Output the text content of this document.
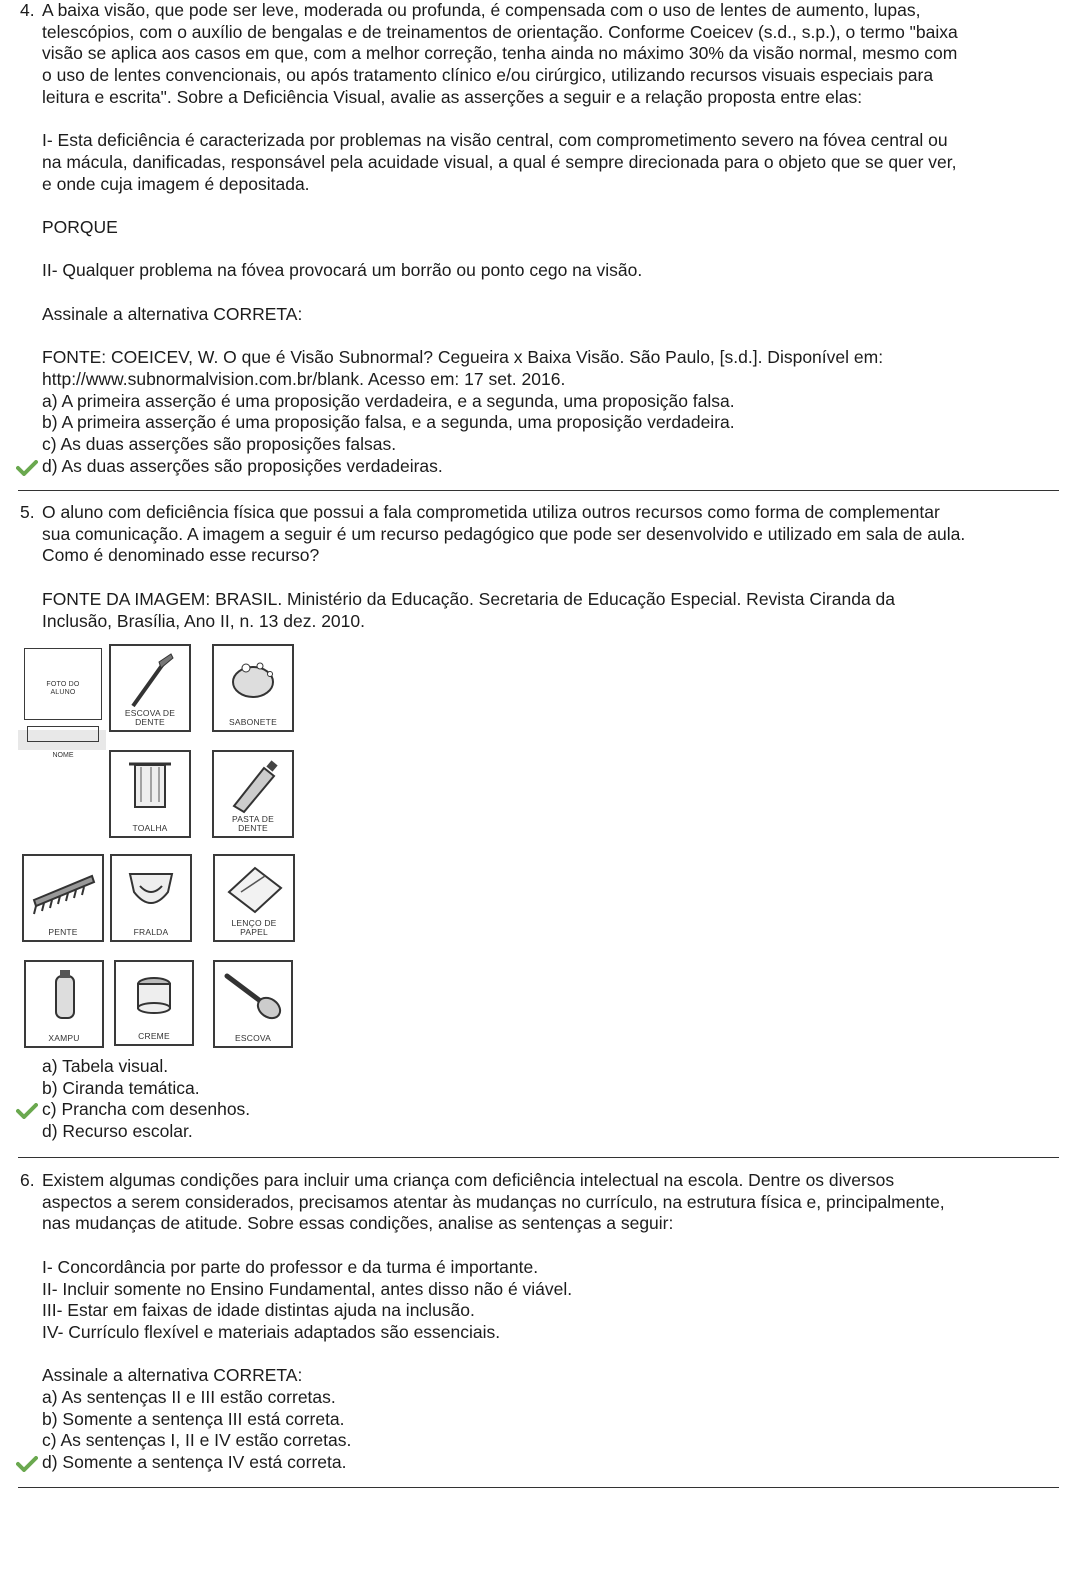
4. A baixa visão, que pode ser leve, moderada ou profunda, é compensada com o uso de lentes de aumento, lupas,
telescópios, com o auxílio de bengalas e de treinamentos de orientação. Conforme Coeicev (s.d., s.p.), o termo "baixa
visão se aplica aos casos em que, com a melhor correção, tenha ainda no máximo 30% da visão normal, mesmo com
o uso de lentes convencionais, ou após tratamento clínico e/ou cirúrgico, utilizando recursos visuais especiais para
leitura e escrita". Sobre a Deficiência Visual, avalie as asserções a seguir e a relação proposta entre elas:
I- Esta deficiência é caracterizada por problemas na visão central, com comprometimento severo na fóvea central ou
na mácula, danificadas, responsável pela acuidade visual, a qual é sempre direcionada para o objeto que se quer ver,
e onde cuja imagem é depositada.
PORQUE
II- Qualquer problema na fóvea provocará um borrão ou ponto cego na visão.
Assinale a alternativa CORRETA:
FONTE: COEICEV, W. O que é Visão Subnormal? Cegueira x Baixa Visão. São Paulo, [s.d.]. Disponível em:
http://www.subnormalvision.com.br/blank. Acesso em: 17 set. 2016.
a) A primeira asserção é uma proposição verdadeira, e a segunda, uma proposição falsa.
b) A primeira asserção é uma proposição falsa, e a segunda, uma proposição verdadeira.
c) As duas asserções são proposições falsas.
d) As duas asserções são proposições verdadeiras.
5. O aluno com deficiência física que possui a fala comprometida utiliza outros recursos como forma de complementar
sua comunicação. A imagem a seguir é um recurso pedagógico que pode ser desenvolvido e utilizado em sala de aula.
Como é denominado esse recurso?
FONTE DA IMAGEM: BRASIL. Ministério da Educação. Secretaria de Educação Especial. Revista Ciranda da
Inclusão, Brasília, Ano II, n. 13 dez. 2010.
FOTO DO
ALUNO
NOME
ESCOVA DE
DENTE	SABONETE
TOALHA
PASTA DE
DENTE
PENTE	FRALDA
LENÇO DE
PAPEL
XAMPU	CREME	ESCOVA
a) Tabela visual.
b) Ciranda temática.
c) Prancha com desenhos.
d) Recurso escolar.
6. Existem algumas condições para incluir uma criança com deficiência intelectual na escola. Dentre os diversos
aspectos a serem considerados, precisamos atentar às mudanças no currículo, na estrutura física e, principalmente,
nas mudanças de atitude. Sobre essas condições, analise as sentenças a seguir:
I- Concordância por parte do professor e da turma é importante.
II- Incluir somente no Ensino Fundamental, antes disso não é viável.
III- Estar em faixas de idade distintas ajuda na inclusão.
IV- Currículo flexível e materiais adaptados são essenciais.
Assinale a alternativa CORRETA:
a) As sentenças II e III estão corretas.
b) Somente a sentença III está correta.
c) As sentenças I, II e IV estão corretas.
d) Somente a sentença IV está correta.
